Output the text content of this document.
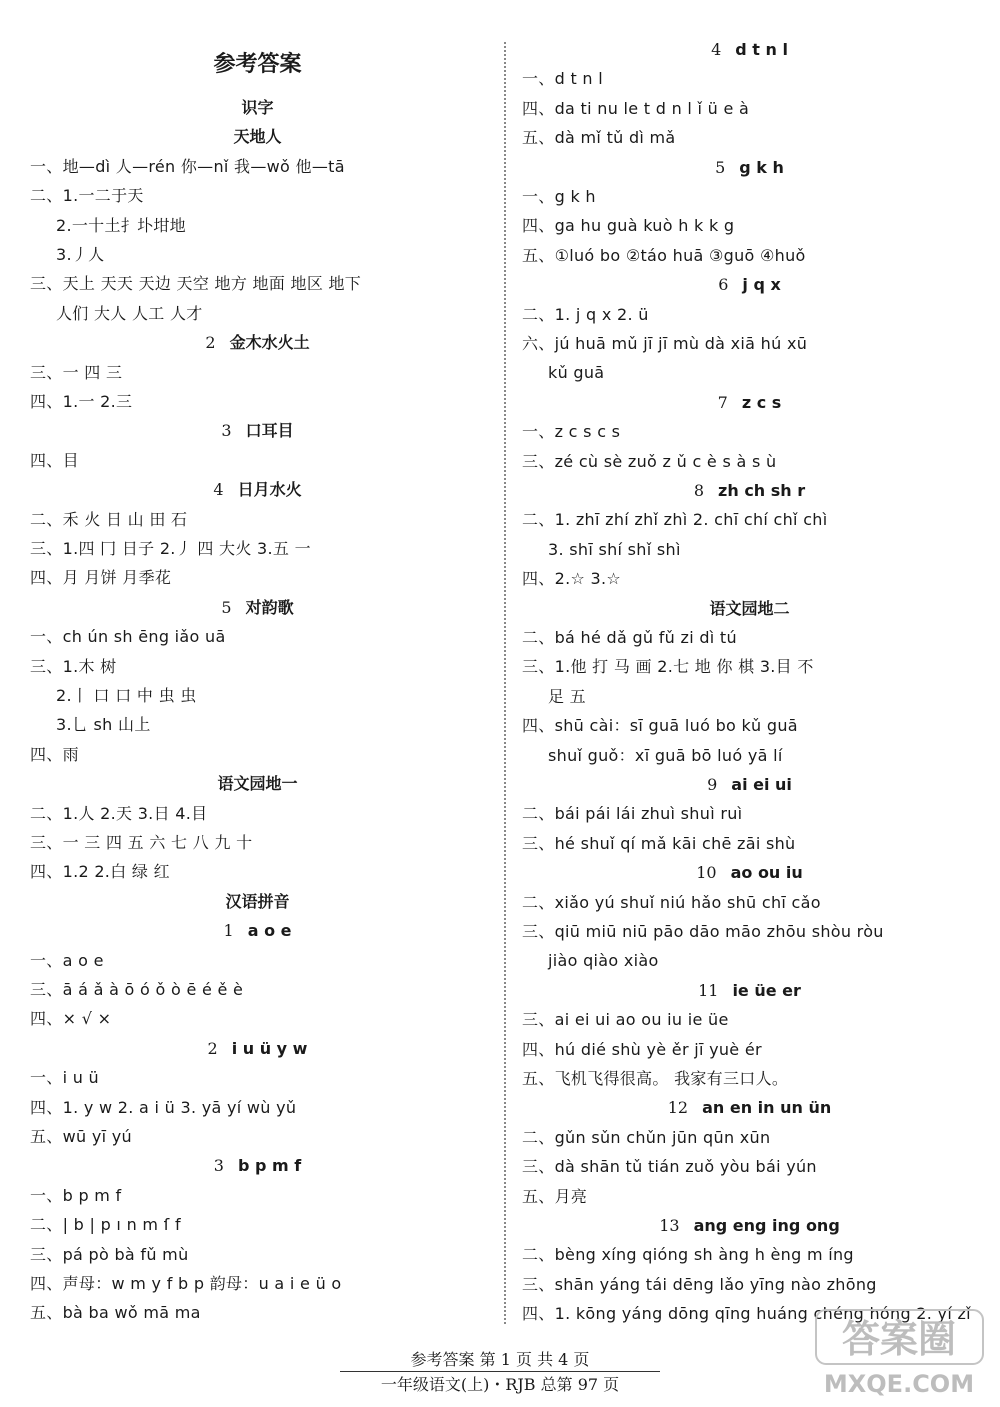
参考答案
识字
天地人
一、地—dì 人—rén 你—nǐ 我—wǒ 他—tā
二、1.一二于天
2.一十土扌圤坩地
3.丿人
三、天上 天天 天边 天空 地方 地面 地区 地下
人们 大人 人工 人才
2 金木水火土
三、一 四 三
四、1.一 2.三
3 口耳目
四、目
4 日月水火
二、禾 火 日 山 田 石
三、1.四 冂 日子 2.丿 四 大火 3.五 一
四、月 月饼 月季花
5 对韵歌
一、ch ún sh ēng iǎo uā
三、1.木 树
2.丨 口 口 中 虫 虫
3.乚 sh 山上
四、雨
语文园地一
二、1.人 2.天 3.日 4.目
三、一 三 四 五 六 七 八 九 十
四、1.2 2.白 绿 红
汉语拼音
1 a o e
一、a o e
三、ā á ǎ à ō ó ǒ ò ē é ě è
四、× √ ×
2 i u ü y w
一、i u ü
四、1. y w 2. a i ü 3. yā yí wù yǔ
五、wū yī yú
3 b p m f
一、b p m f
二、| b | p ı n m ſ f
三、pá pò bà fǔ mù
四、声母：w m y f b p 韵母：u a i e ü o
五、bà ba wǒ mā ma
4 d t n l
一、d t n l
四、da ti nu le t d n l ǐ ü e à
五、dà mǐ tǔ dì mǎ
5 g k h
一、g k h
四、ga hu guà kuò h k k g
五、①luó bo ②táo huā ③guō ④huǒ
6 j q x
二、1. j q x 2. ü
六、jú huā mǔ jī jī mù dà xiā hú xū
kǔ guā
7 z c s
一、z c s c s
三、zé cù sè zuǒ z ǔ c è s à s ù
8 zh ch sh r
二、1. zhī zhí zhǐ zhì 2. chī chí chǐ chì
3. shī shí shǐ shì
四、2.☆ 3.☆
语文园地二
二、bá hé dǎ gǔ fǔ zi dì tú
三、1.他 打 马 画 2.七 地 你 棋 3.目 不
足 五
四、shū cài：sī guā luó bo kǔ guā
shuǐ guǒ：xī guā bō luó yā lí
9 ai ei ui
二、bái pái lái zhuì shuì ruì
三、hé shuǐ qí mǎ kāi chē zāi shù
10 ao ou iu
二、xiǎo yú shuǐ niú hǎo shū chī cǎo
三、qiū miū niū pāo dāo māo zhōu shòu ròu
jiào qiào xiào
11 ie üe er
三、ai ei ui ao ou iu ie üe
四、hú dié shù yè ěr jī yuè ér
五、飞机飞得很高。 我家有三口人。
12 an en in un ün
二、gǔn sǔn chǔn jūn qūn xūn
三、dà shān tǔ tián zuǒ yòu bái yún
五、月亮
13 ang eng ing ong
二、bèng xíng qióng sh àng h èng m íng
三、shān yáng tái dēng lǎo yīng nào zhōng
四、1. kōng yáng dōng qīng huáng chéng hóng 2. yí zǐ
参考答案 第 1 页 共 4 页
一年级语文(上)・RJB 总第 97 页
答案圈
MXQE.COM
